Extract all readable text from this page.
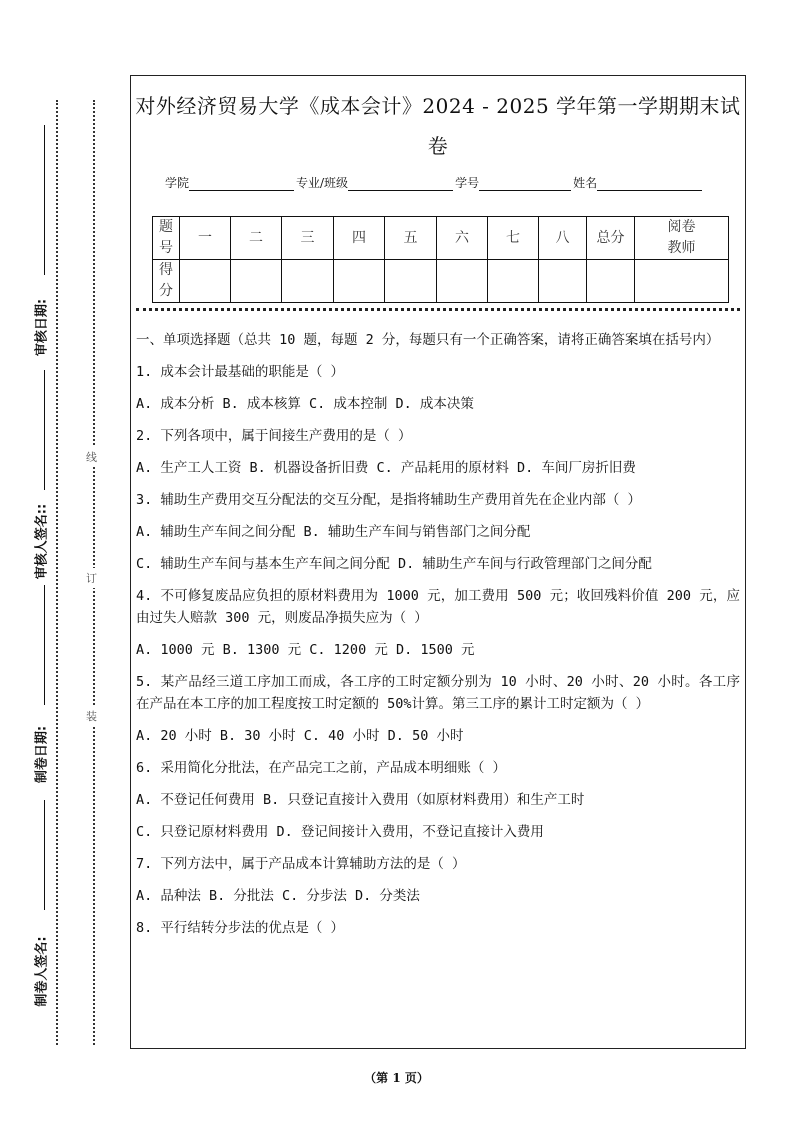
制卷人签名:
制卷日期:
审核人签名::
审核日期:
装
订
线
对外经济贸易大学《成本会计》2024 - 2025 学年第一学期期末试
卷
学院	专业/班级	学号	姓名
题号	一	二	三	四	五	六	七	八	总分	阅卷教师
得分										

一、单项选择题（总共 10 题，每题 2 分，每题只有一个正确答案，请将正确答案填在括号内）

1. 成本会计最基础的职能是（ ）

A. 成本分析 B. 成本核算 C. 成本控制 D. 成本决策

2. 下列各项中，属于间接生产费用的是（ ）

A. 生产工人工资 B. 机器设备折旧费 C. 产品耗用的原材料 D. 车间厂房折旧费

3. 辅助生产费用交互分配法的交互分配，是指将辅助生产费用首先在企业内部（ ）

A. 辅助生产车间之间分配 B. 辅助生产车间与销售部门之间分配

C. 辅助生产车间与基本生产车间之间分配 D. 辅助生产车间与行政管理部门之间分配

4. 不可修复废品应负担的原材料费用为 1000 元，加工费用 500 元；收回残料价值 200 元，应由过失人赔款 300 元，则废品净损失应为（ ）

A. 1000 元 B. 1300 元 C. 1200 元 D. 1500 元

5. 某产品经三道工序加工而成，各工序的工时定额分别为 10 小时、20 小时、20 小时。各工序在产品在本工序的加工程度按工时定额的 50%计算。第三工序的累计工时定额为（ ）

A. 20 小时 B. 30 小时 C. 40 小时 D. 50 小时

6. 采用简化分批法，在产品完工之前，产品成本明细账（ ）

A. 不登记任何费用 B. 只登记直接计入费用（如原材料费用）和生产工时

C. 只登记原材料费用 D. 登记间接计入费用，不登记直接计入费用

7. 下列方法中，属于产品成本计算辅助方法的是（ ）

A. 品种法 B. 分批法 C. 分步法 D. 分类法

8. 平行结转分步法的优点是（ ）

（第 1 页）
